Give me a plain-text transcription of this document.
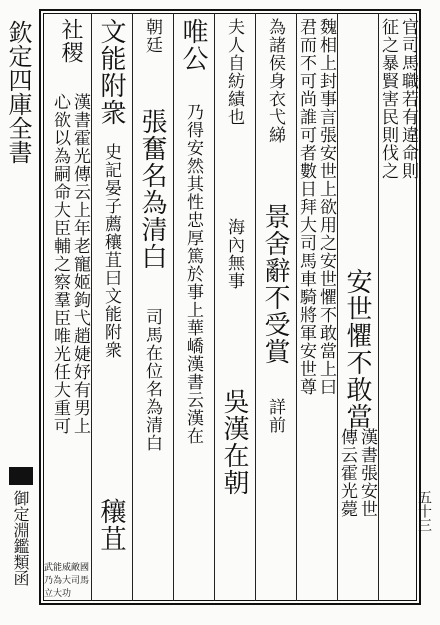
欽定四庫全書
御定淵鑑類函	五十三
官司馬職若有違命則
征之暴賢害民則伐之
安世懼不敢當
漢書張安世
傳云霍光薨
魏相上封事言張安世上欲用之安世懼不敢當上曰
君而不可尚誰可者數日拜大司馬車騎將軍安世尊
為諸侯身衣弋綈
景舍辭不受賞
詳前
夫人自紡績也
海內無事
吳漢在朝
唯公
乃得安然其性忠厚篤於事上華嶠漢書云漢在
朝廷
張奮名為清白
司馬在位名為清白
文能附衆
史記晏子薦穰苴曰文能附衆
穰苴
社稷
漢書霍光傳云上年老寵姬鉤弋趙婕妤有男上
心欲以為嗣命大臣輔之察羣臣唯光任大重可
武能威敵國乃為大司馬立大功
